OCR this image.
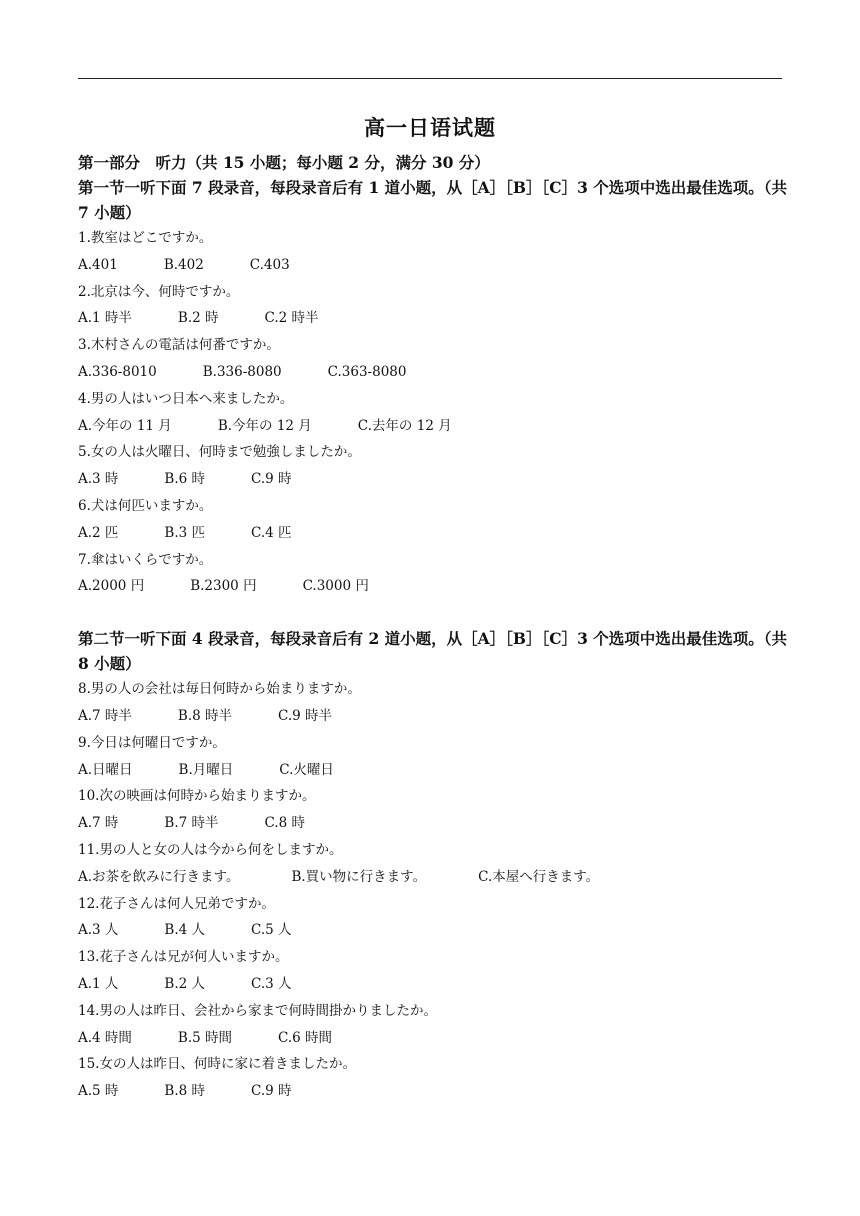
高一日语试题

第一部分　听力（共 15 小题；每小题 2 分，满分 30 分）

第一节一听下面 7 段录音，每段录音后有 1 道小题，从［A］［B］［C］3 个选项中选出最佳选项。（共 7 小题）

1.教室はどこですか。

A.401	B.402	C.403

2.北京は今、何時ですか。

A.1 時半	B.2 時	C.2 時半

3.木村さんの電話は何番ですか。

A.336-8010	B.336-8080	C.363-8080

4.男の人はいつ日本へ来ましたか。

A.今年の 11 月	B.今年の 12 月	C.去年の 12 月

5.女の人は火曜日、何時まで勉強しましたか。

A.3 時	B.6 時	C.9 時

6.犬は何匹いますか。

A.2 匹	B.3 匹	C.4 匹

7.傘はいくらですか。

A.2000 円	B.2300 円	C.3000 円

第二节一听下面 4 段录音，每段录音后有 2 道小题，从［A］［B］［C］3 个选项中选出最佳选项。（共 8 小题）

8.男の人の会社は毎日何時から始まりますか。

A.7 時半	B.8 時半	C.9 時半

9.今日は何曜日ですか。

A.日曜日	B.月曜日	C.火曜日

10.次の映画は何時から始まりますか。

A.7 時	B.7 時半	C.8 時

11.男の人と女の人は今から何をしますか。

A.お茶を飲みに行きます。	B.買い物に行きます。	C.本屋へ行きます。

12.花子さんは何人兄弟ですか。

A.3 人	B.4 人	C.5 人

13.花子さんは兄が何人いますか。

A.1 人	B.2 人	C.3 人

14.男の人は昨日、会社から家まで何時間掛かりましたか。

A.4 時間	B.5 時間	C.6 時間

15.女の人は昨日、何時に家に着きましたか。

A.5 時	B.8 時	C.9 時
